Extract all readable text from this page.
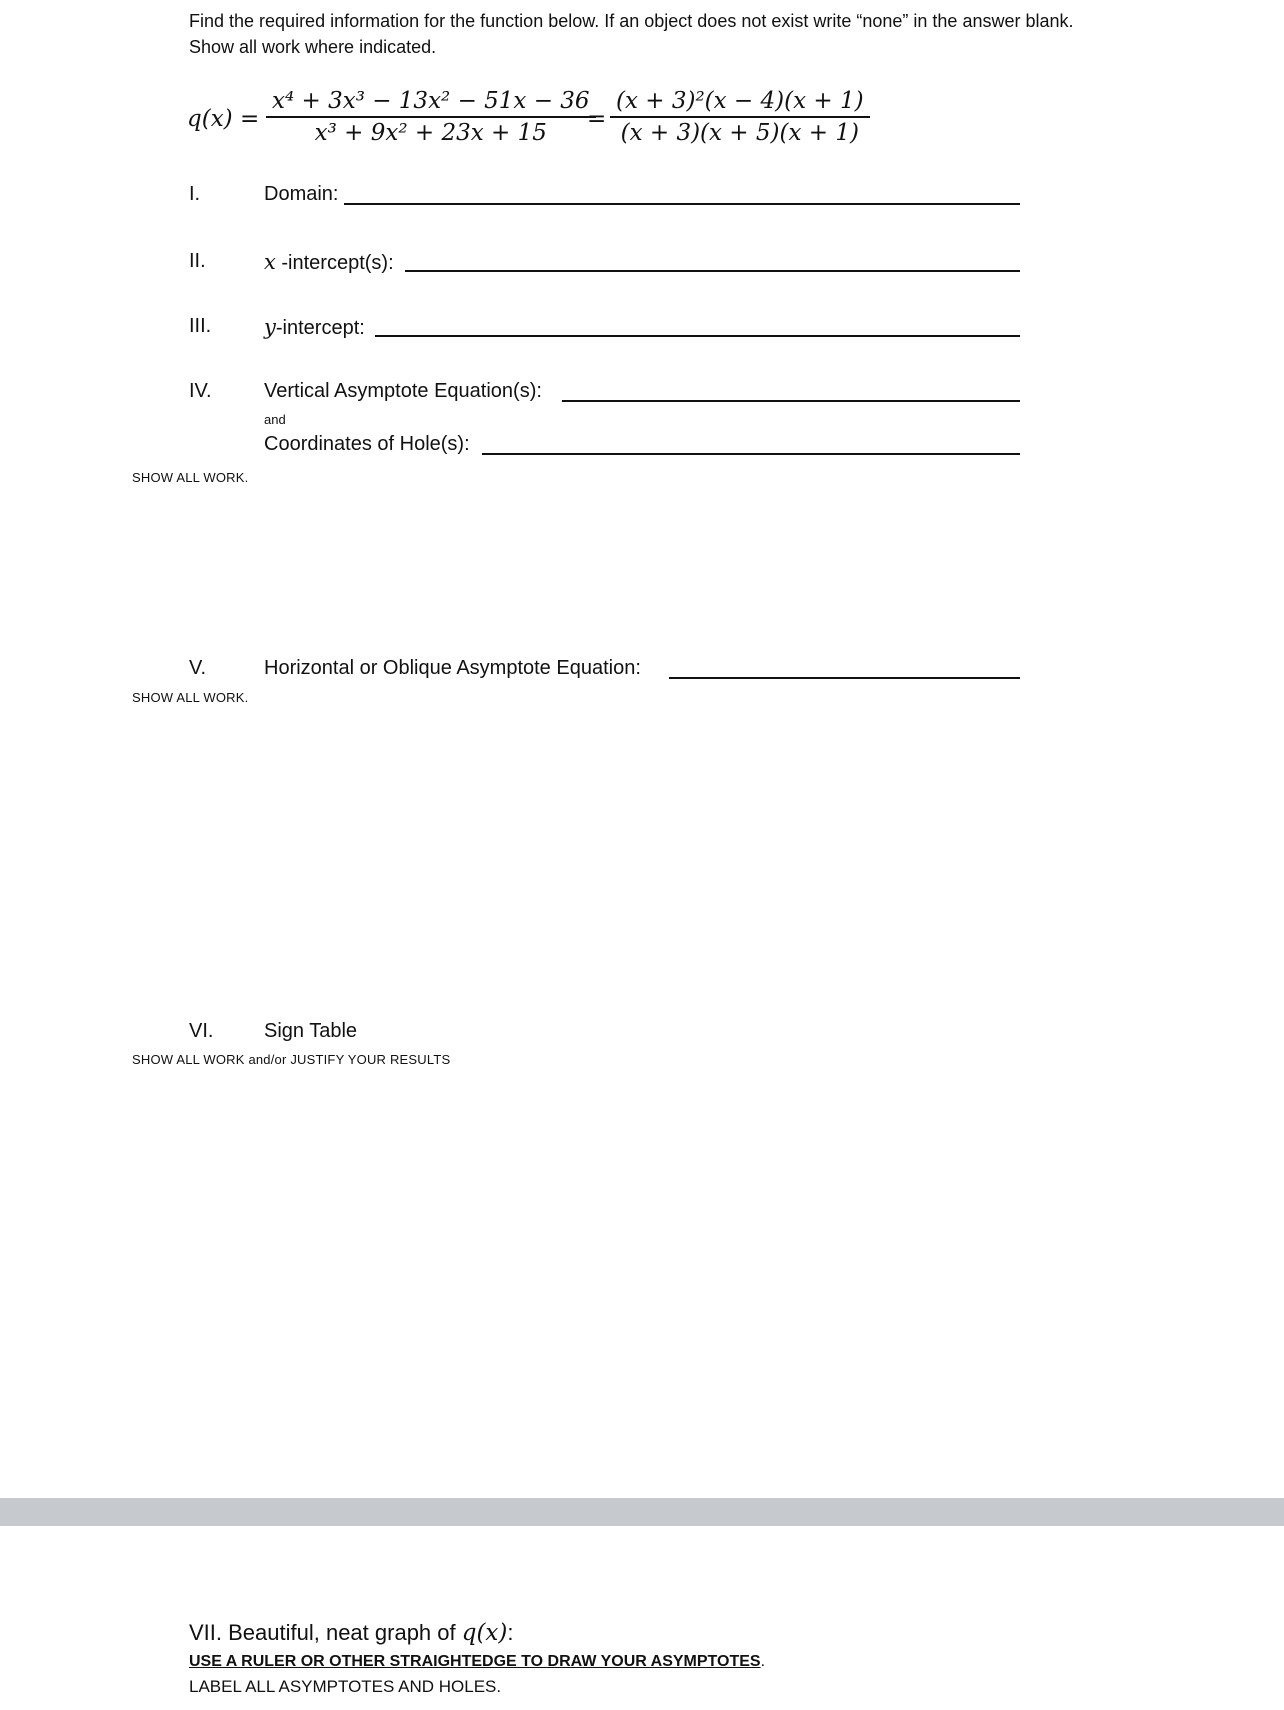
Find the required information for the function below. If an object does not exist write “none” in the answer blank.
Show all work where indicated.
q(x) =
x⁴ + 3x³ − 13x² − 51x − 36
x³ + 9x² + 23x + 15
=
(x + 3)²(x − 4)(x + 1)
(x + 3)(x + 5)(x + 1)
I.	Domain:
II.	x -intercept(s):
III.	y-intercept:
IV.	Vertical Asymptote Equation(s):
and
Coordinates of Hole(s):
SHOW ALL WORK.
V.	Horizontal or Oblique Asymptote Equation:
SHOW ALL WORK.
VI.	Sign Table
SHOW ALL WORK and/or JUSTIFY YOUR RESULTS
VII. Beautiful, neat graph of q(x):
USE A RULER OR OTHER STRAIGHTEDGE TO DRAW YOUR ASYMPTOTES.
LABEL ALL ASYMPTOTES AND HOLES.
